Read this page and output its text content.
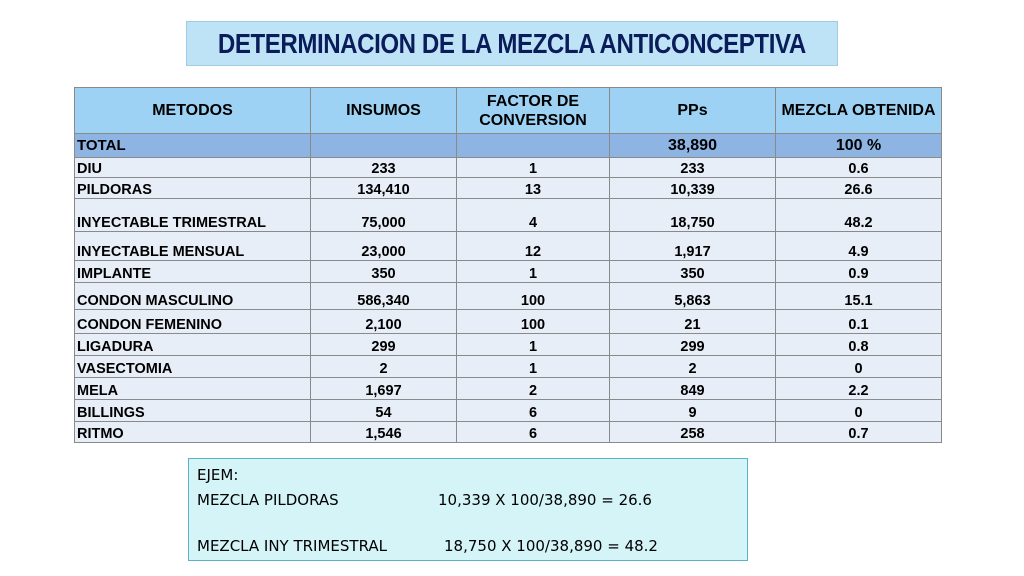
DETERMINACION DE LA MEZCLA ANTICONCEPTIVA
METODOS	INSUMOS	FACTOR DE CONVERSION	PPs	MEZCLA OBTENIDA
TOTAL			38,890	100 %
DIU	233	1	233	0.6
PILDORAS	134,410	13	10,339	26.6
INYECTABLE TRIMESTRAL	75,000	4	18,750	48.2
INYECTABLE MENSUAL	23,000	12	1,917	4.9
IMPLANTE	350	1	350	0.9
CONDON MASCULINO	586,340	100	5,863	15.1
CONDON FEMENINO	2,100	100	21	0.1
LIGADURA	299	1	299	0.8
VASECTOMIA	2	1	2	0
MELA	1,697	2	849	2.2
BILLINGS	54	6	9	0
RITMO	1,546	6	258	0.7
EJEM:
MEZCLA PILDORAS	10,339 X 100/38,890 = 26.6
MEZCLA INY TRIMESTRAL	18,750 X 100/38,890 = 48.2
